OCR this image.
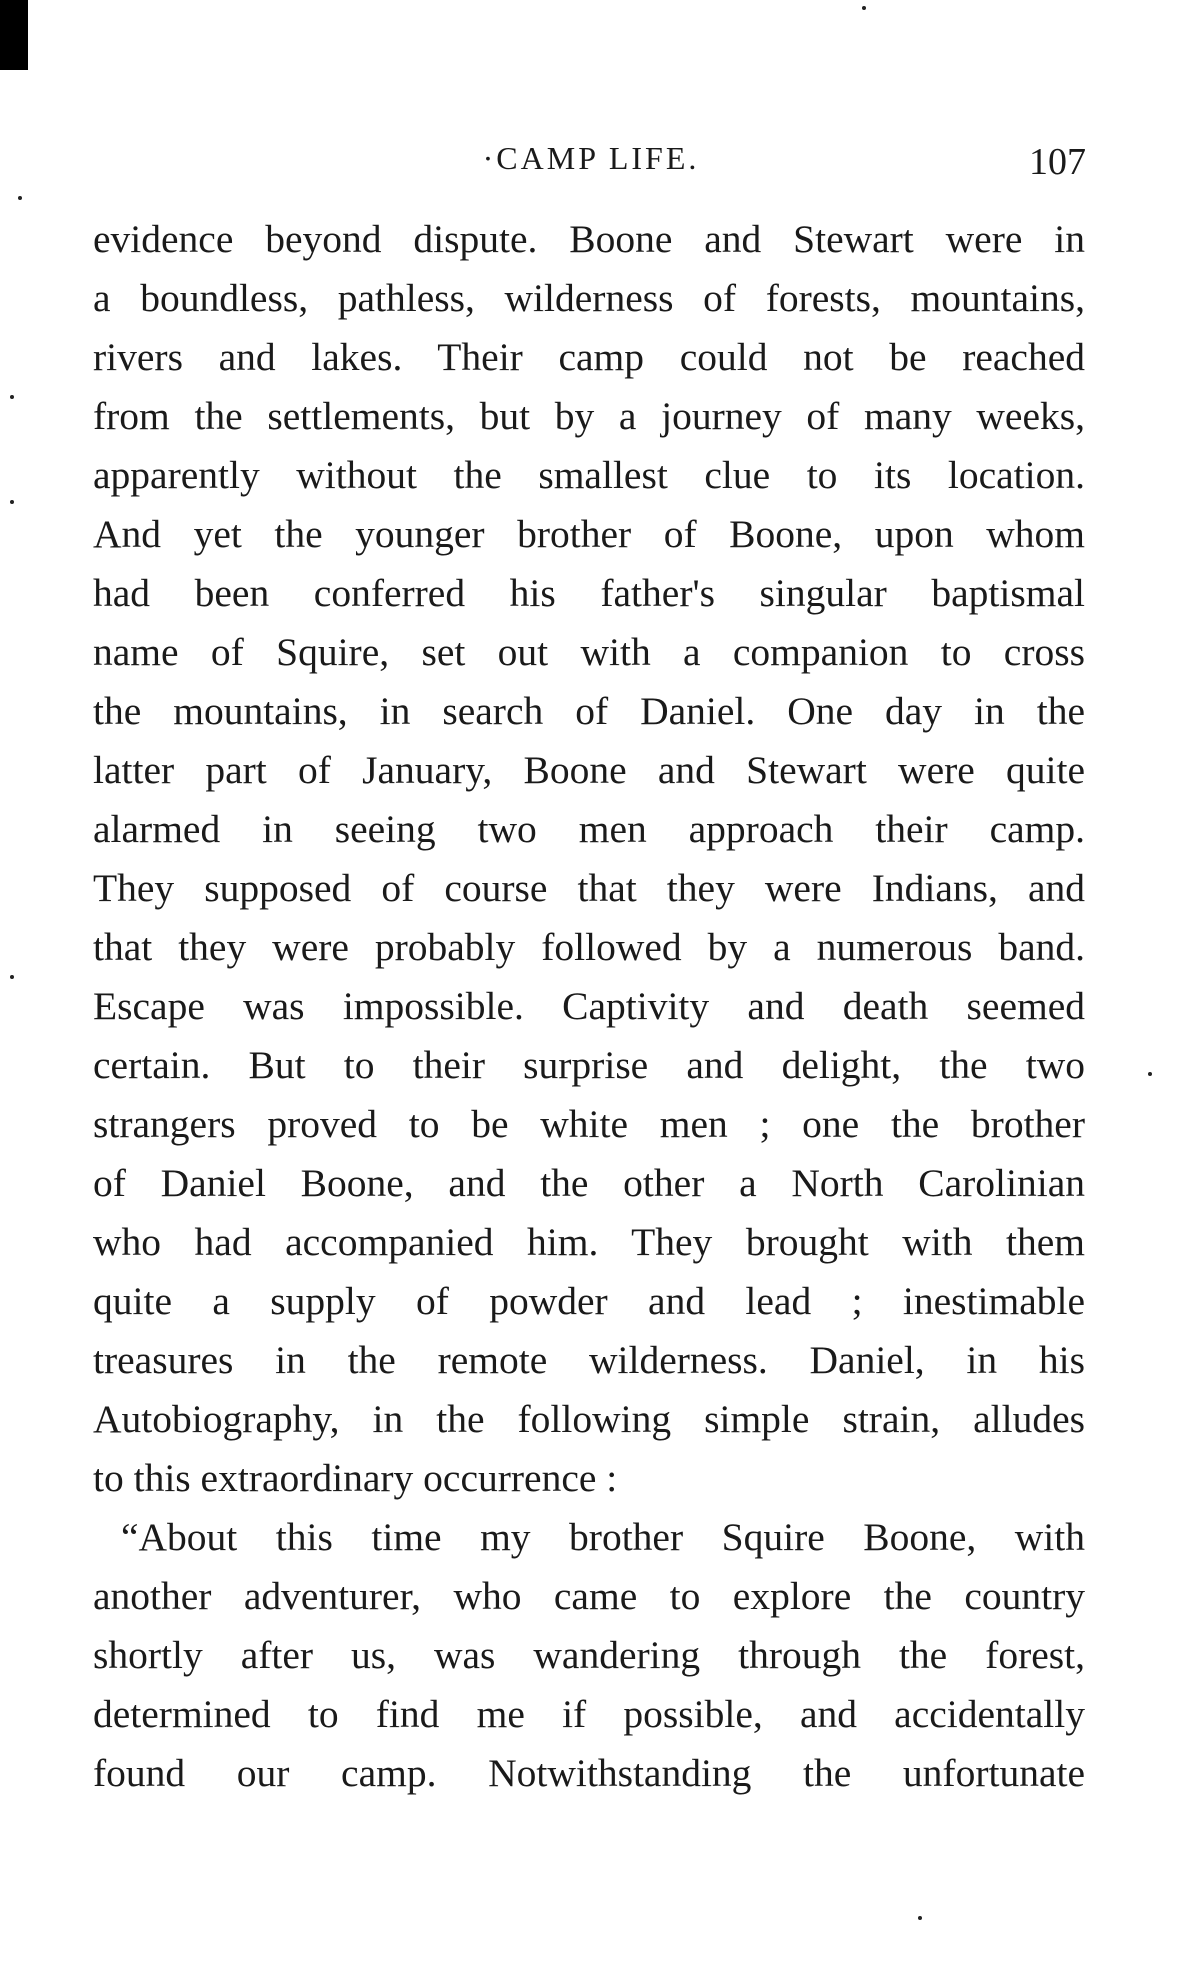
·CAMP LIFE.	107

evidence beyond dispute. Boone and Stewart were in
a boundless, pathless, wilderness of forests, mountains,
rivers and lakes. Their camp could not be reached
from the settlements, but by a journey of many weeks,
apparently without the smallest clue to its location.
And yet the younger brother of Boone, upon whom
had been conferred his father's singular baptismal
name of Squire, set out with a companion to cross
the mountains, in search of Daniel. One day in the
latter part of January, Boone and Stewart were quite
alarmed in seeing two men approach their camp.
They supposed of course that they were Indians, and
that they were probably followed by a numerous band.
Escape was impossible. Captivity and death seemed
certain. But to their surprise and delight, the two
strangers proved to be white men ; one the brother
of Daniel Boone, and the other a North Carolinian
who had accompanied him. They brought with them
quite a supply of powder and lead ; inestimable
treasures in the remote wilderness. Daniel, in his
Autobiography, in the following simple strain, alludes
to this extraordinary occurrence :

“About this time my brother Squire Boone, with
another adventurer, who came to explore the country
shortly after us, was wandering through the forest,
determined to find me if possible, and accidentally
found our camp. Notwithstanding the unfortunate
